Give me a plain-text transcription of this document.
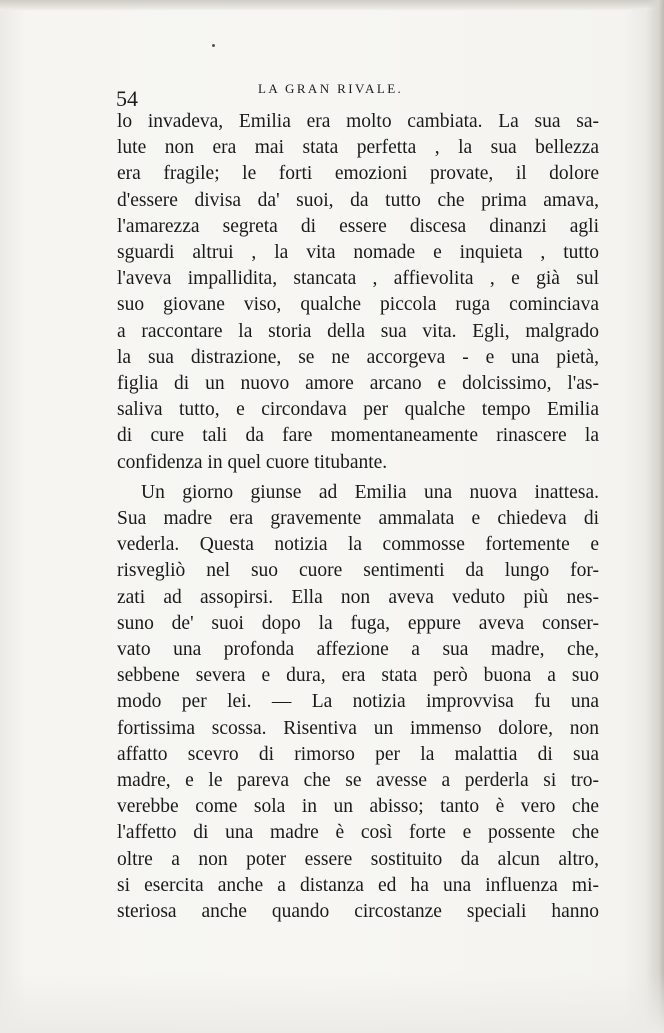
54	LA GRAN RIVALE.

lo invadeva, Emilia era molto cambiata. La sua sa-
lute non era mai stata perfetta , la sua bellezza
era fragile; le forti emozioni provate, il dolore
d'essere divisa da' suoi, da tutto che prima amava,
l'amarezza segreta di essere discesa dinanzi agli
sguardi altrui , la vita nomade e inquieta , tutto
l'aveva impallidita, stancata , affievolita , e già sul
suo giovane viso, qualche piccola ruga cominciava
a raccontare la storia della sua vita. Egli, malgrado
la sua distrazione, se ne accorgeva - e una pietà,
figlia di un nuovo amore arcano e dolcissimo, l'as-
saliva tutto, e circondava per qualche tempo Emilia
di cure tali da fare momentaneamente rinascere la
confidenza in quel cuore titubante.
Un giorno giunse ad Emilia una nuova inattesa.
Sua madre era gravemente ammalata e chiedeva di
vederla. Questa notizia la commosse fortemente e
risvegliò nel suo cuore sentimenti da lungo for-
zati ad assopirsi. Ella non aveva veduto più nes-
suno de' suoi dopo la fuga, eppure aveva conser-
vato una profonda affezione a sua madre, che,
sebbene severa e dura, era stata però buona a suo
modo per lei. — La notizia improvvisa fu una
fortissima scossa. Risentiva un immenso dolore, non
affatto scevro di rimorso per la malattia di sua
madre, e le pareva che se avesse a perderla si tro-
verebbe come sola in un abisso; tanto è vero che
l'affetto di una madre è così forte e possente che
oltre a non poter essere sostituito da alcun altro,
si esercita anche a distanza ed ha una influenza mi-
steriosa anche quando circostanze speciali hanno
